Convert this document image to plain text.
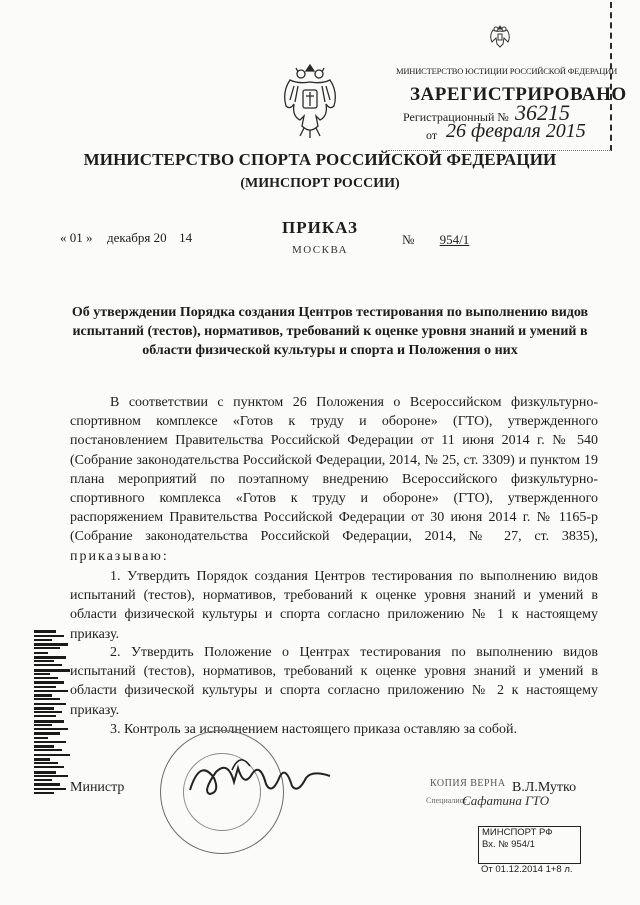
МИНИСТЕРСТВО ЮСТИЦИИ РОССИЙСКОЙ ФЕДЕРАЦИИ
ЗАРЕГИСТРИРОВАНО
Регистрационный № 36215
от 26 февраля 2015
МИНИСТЕРСТВО СПОРТА РОССИЙСКОЙ ФЕДЕРАЦИИ
(МИНСПОРТ РОССИИ)
ПРИКАЗ
МОСКВА
« 01 » декабря 20 14	№ 954/1
Об утверждении Порядка создания Центров тестирования по выполнению видов испытаний (тестов), нормативов, требований к оценке уровня знаний и умений в области физической культуры и спорта и Положения о них
В соответствии с пунктом 26 Положения о Всероссийском физкультурно-спортивном комплексе «Готов к труду и обороне» (ГТО), утвержденного постановлением Правительства Российской Федерации от 11 июня 2014 г. № 540 (Собрание законодательства Российской Федерации, 2014, № 25, ст. 3309) и пунктом 19 плана мероприятий по поэтапному внедрению Всероссийского физкультурно-спортивного комплекса «Готов к труду и обороне» (ГТО), утвержденного распоряжением Правительства Российской Федерации от 30 июня 2014 г. № 1165-р (Собрание законодательства Российской Федерации, 2014, № 27, ст. 3835), приказываю:
1. Утвердить Порядок создания Центров тестирования по выполнению видов испытаний (тестов), нормативов, требований к оценке уровня знаний и умений в области физической культуры и спорта согласно приложению № 1 к настоящему приказу.
2. Утвердить Положение о Центрах тестирования по выполнению видов испытаний (тестов), нормативов, требований к оценке уровня знаний и умений в области физической культуры и спорта согласно приложению № 2 к настоящему приказу.
3. Контроль за исполнением настоящего приказа оставляю за собой.
Министр	КОПИЯ ВЕРНА В.Л.Мутко
Специалист
Сафатина ГТО
МИНСПОРТ РФ
Вх. № 954/1
От 01.12.2014 1+8 л.
